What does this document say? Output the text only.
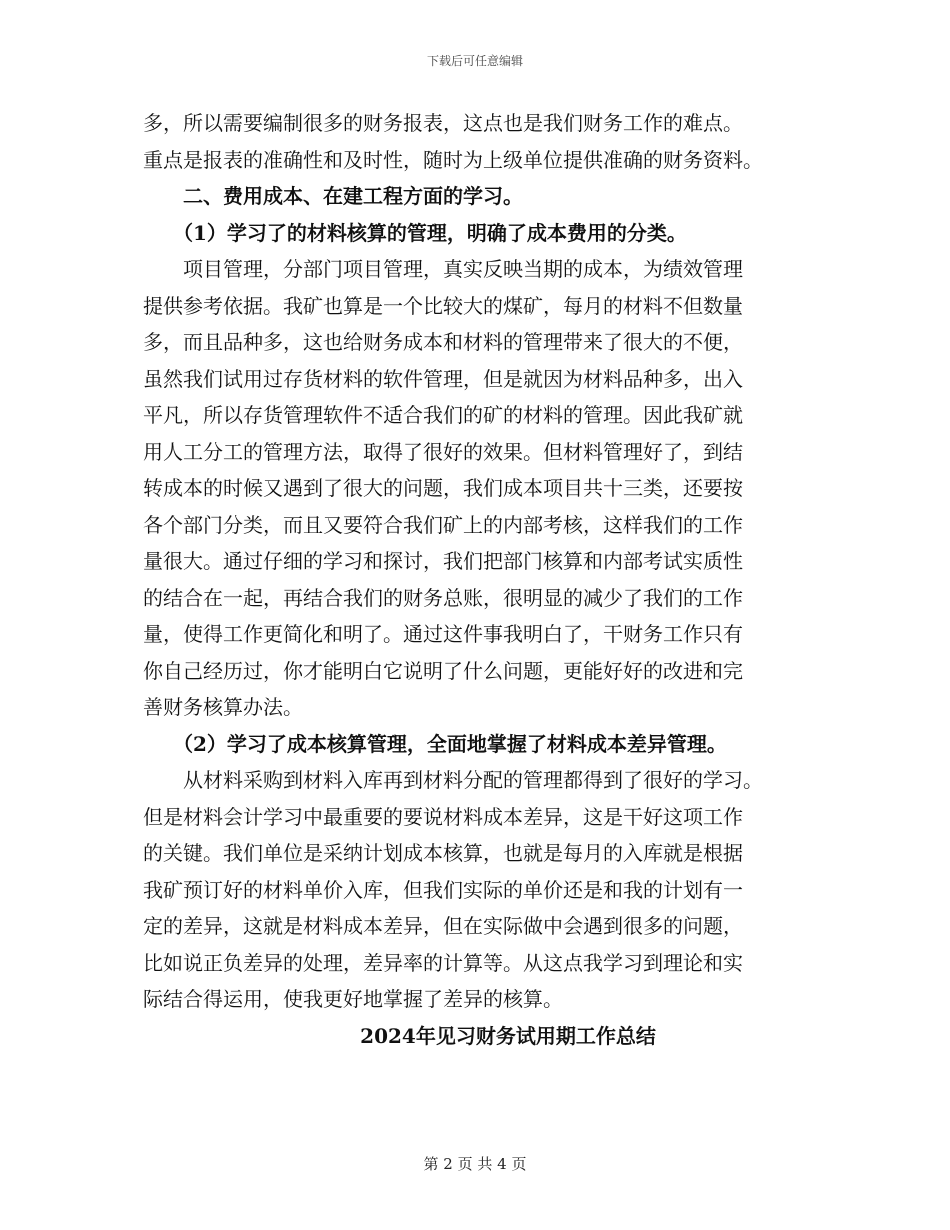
下载后可任意编辑
多，所以需要编制很多的财务报表，这点也是我们财务工作的难点。
重点是报表的准确性和及时性，随时为上级单位提供准确的财务资料。
二、费用成本、在建工程方面的学习。
（1）学习了的材料核算的管理，明确了成本费用的分类。
项目管理，分部门项目管理，真实反映当期的成本，为绩效管理
提供参考依据。我矿也算是一个比较大的煤矿，每月的材料不但数量
多，而且品种多，这也给财务成本和材料的管理带来了很大的不便，
虽然我们试用过存货材料的软件管理，但是就因为材料品种多，出入
平凡，所以存货管理软件不适合我们的矿的材料的管理。因此我矿就
用人工分工的管理方法，取得了很好的效果。但材料管理好了，到结
转成本的时候又遇到了很大的问题，我们成本项目共十三类，还要按
各个部门分类，而且又要符合我们矿上的内部考核，这样我们的工作
量很大。通过仔细的学习和探讨，我们把部门核算和内部考试实质性
的结合在一起，再结合我们的财务总账，很明显的减少了我们的工作
量，使得工作更简化和明了。通过这件事我明白了，干财务工作只有
你自己经历过，你才能明白它说明了什么问题，更能好好的改进和完
善财务核算办法。
（2）学习了成本核算管理，全面地掌握了材料成本差异管理。
从材料采购到材料入库再到材料分配的管理都得到了很好的学习。
但是材料会计学习中最重要的要说材料成本差异，这是干好这项工作
的关键。我们单位是采纳计划成本核算，也就是每月的入库就是根据
我矿预订好的材料单价入库，但我们实际的单价还是和我的计划有一
定的差异，这就是材料成本差异，但在实际做中会遇到很多的问题，
比如说正负差异的处理，差异率的计算等。从这点我学习到理论和实
际结合得运用，使我更好地掌握了差异的核算。
2024年见习财务试用期工作总结
第 2 页 共 4 页
